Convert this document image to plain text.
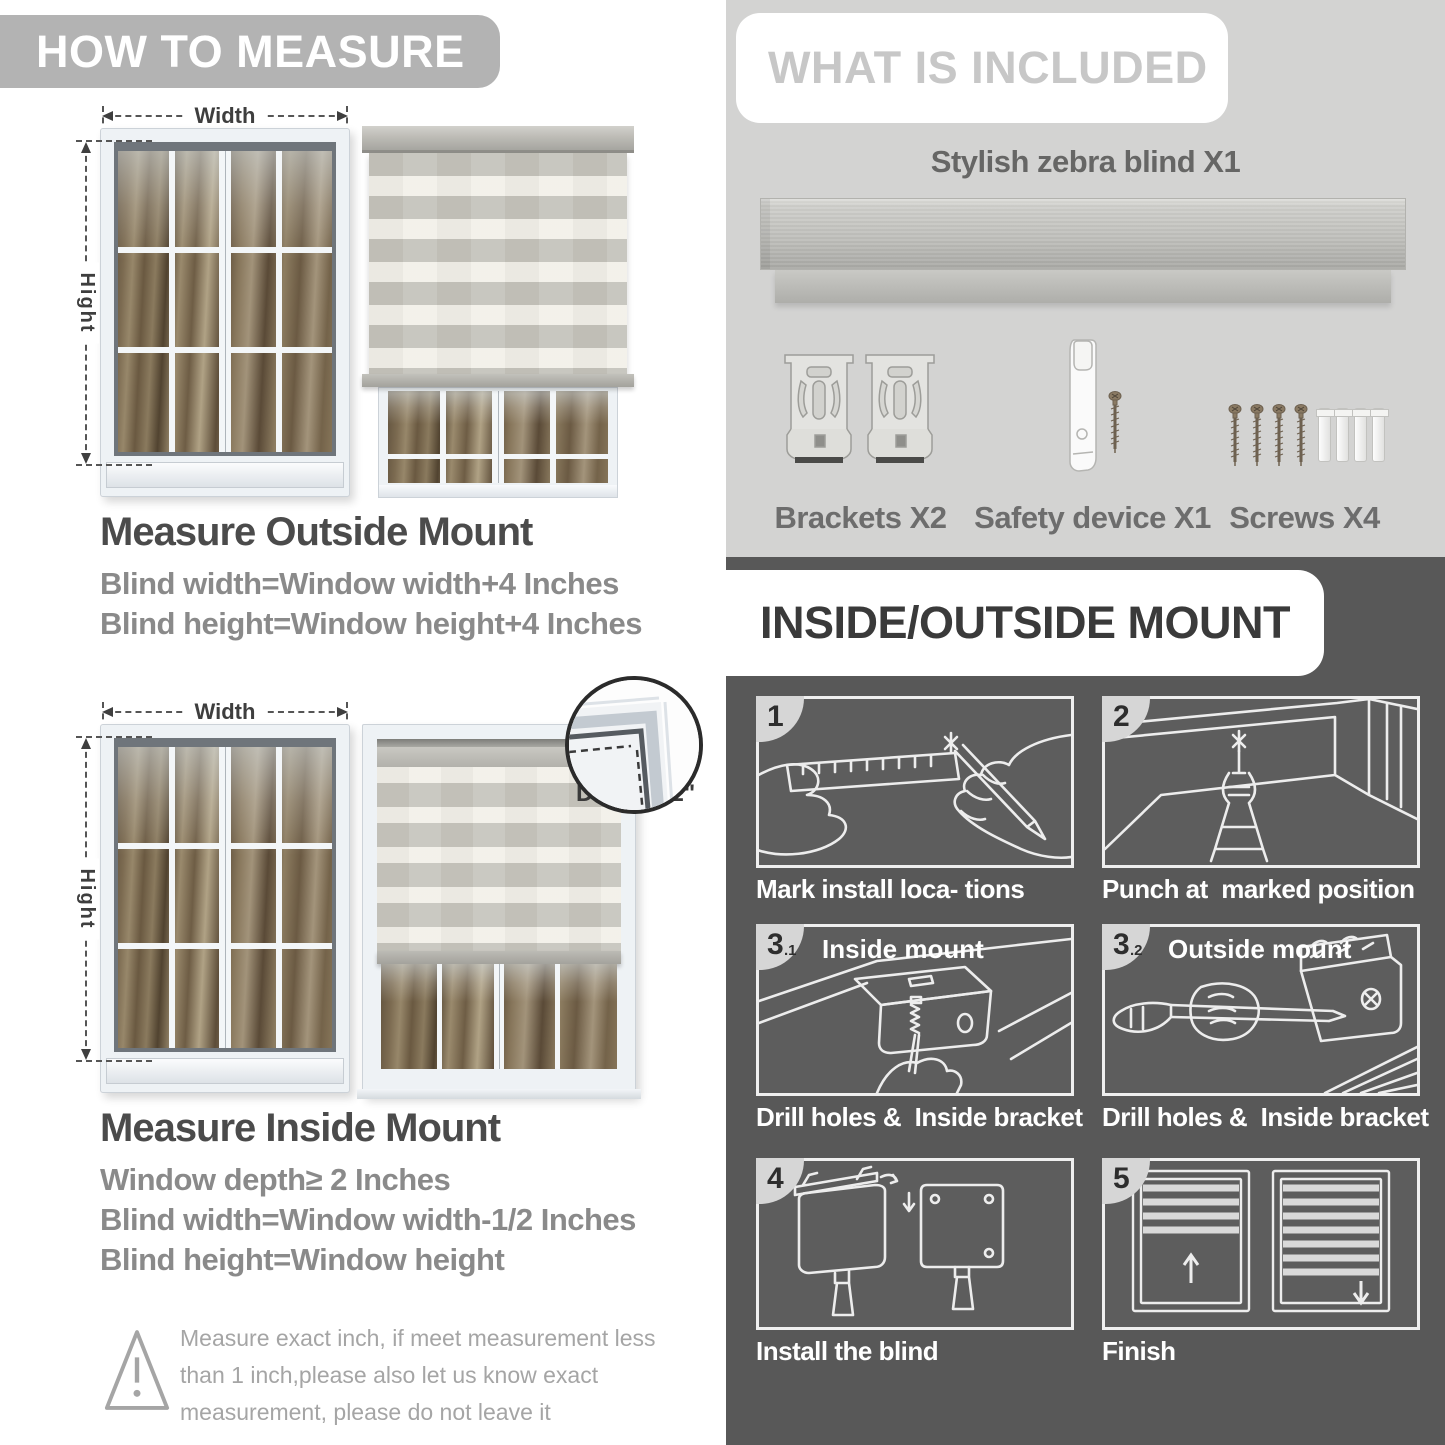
HOW TO MEASURE
Width
Hight
Measure Outside Mount
Blind width=Window width+4 Inches
Blind height=Window height+4 Inches
Width
Hight
Measure Inside Mount
Window depth≥ 2 Inches
Blind width=Window width-1/2 Inches
Blind height=Window height
Measure exact inch, if meet measurement less
than 1 inch,please also let us know exact
measurement, please do not leave it
WHAT IS INCLUDED
Stylish zebra blind X1
Brackets X2 Safety device X1 Screws X4
INSIDE/OUTSIDE MOUNT
Mark install loca- tions
1
Punch at  marked position
2
Inside mount
Drill holes &  Inside bracket
3 .1	Outside mount
Drill holes &  Inside bracket
3 .2
Install the blind
4
Finish
5
